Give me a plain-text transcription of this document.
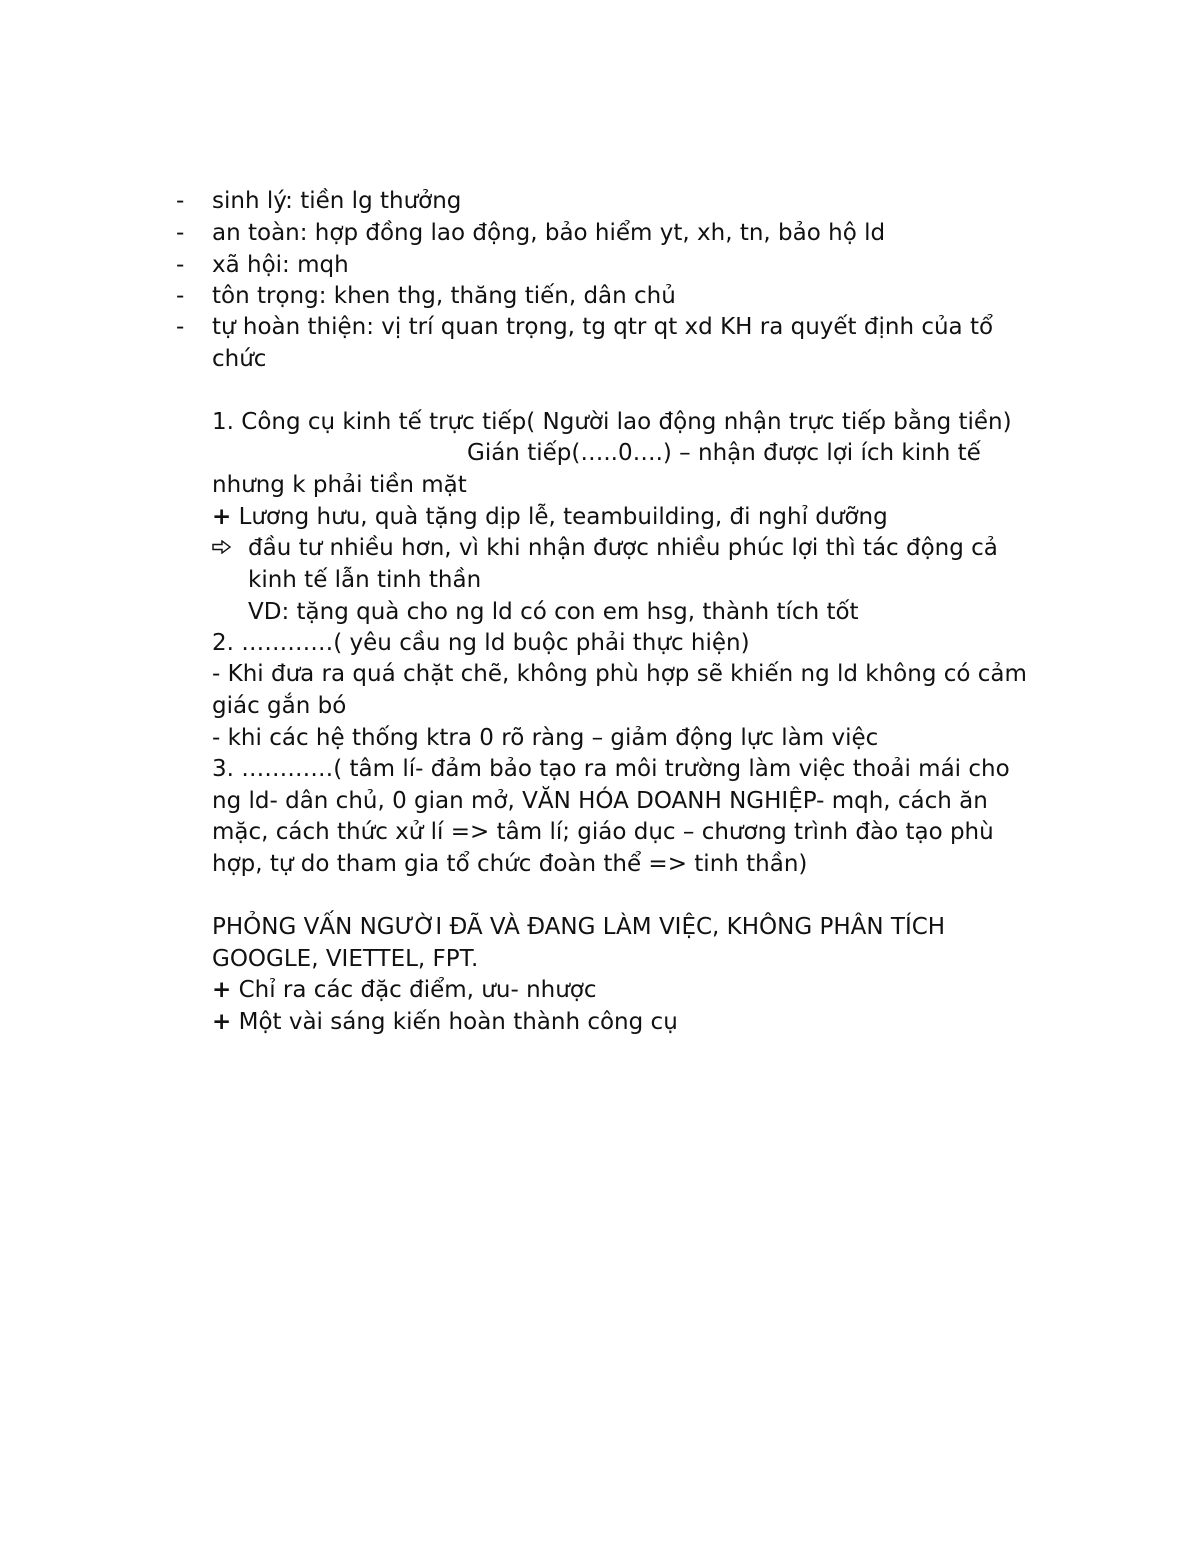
- sinh lý: tiền lg thưởng
- an toàn: hợp đồng lao động, bảo hiểm yt, xh, tn, bảo hộ ld
- xã hội: mqh
- tôn trọng: khen thg, thăng tiến, dân chủ
- tự hoàn thiện: vị trí quan trọng, tg qtr qt xd KH ra quyết định của tổ
chức
1. Công cụ kinh tế trực tiếp( Người lao động nhận trực tiếp bằng tiền)
Gián tiếp(…..0….) – nhận được lợi ích kinh tế
nhưng k phải tiền mặt
+ Lương hưu, quà tặng dịp lễ, teambuilding, đi nghỉ dưỡng
đầu tư nhiều hơn, vì khi nhận được nhiều phúc lợi thì tác động cả
kinh tế lẫn tinh thần
VD: tặng quà cho ng ld có con em hsg, thành tích tốt
2. …………( yêu cầu ng ld buộc phải thực hiện)
- Khi đưa ra quá chặt chẽ, không phù hợp sẽ khiến ng ld không có cảm
giác gắn bó
- khi các hệ thống ktra 0 rõ ràng – giảm động lực làm việc
3. …………( tâm lí- đảm bảo tạo ra môi trường làm việc thoải mái cho
ng ld- dân chủ, 0 gian mở, VĂN HÓA DOANH NGHIỆP- mqh, cách ăn
mặc, cách thức xử lí => tâm lí; giáo dục – chương trình đào tạo phù
hợp, tự do tham gia tổ chức đoàn thể => tinh thần)
PHỎNG VẤN NGƯỜI ĐÃ VÀ ĐANG LÀM VIỆC, KHÔNG PHÂN TÍCH
GOOGLE, VIETTEL, FPT.
+ Chỉ ra các đặc điểm, ưu- nhược
+ Một vài sáng kiến hoàn thành công cụ
